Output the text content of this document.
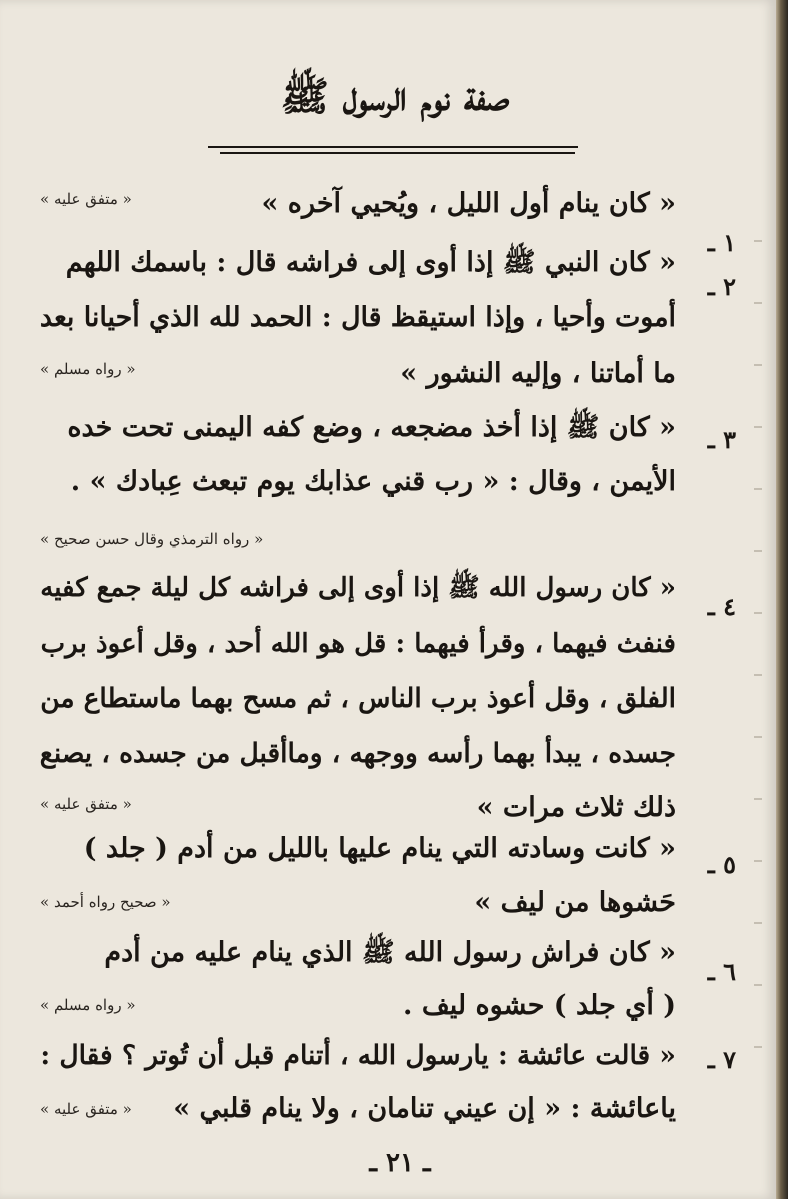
صفة نوم الرسول ﷺ
١ ـ
« كان ينام أول الليل ، ويُحيي آخره »
« متفق عليه »
٢ ـ
« كان النبي ﷺ إذا أوى إلى فراشه قال : باسمك اللهم
أموت وأحيا ، وإذا استيقظ قال : الحمد لله الذي أحيانا بعد
ما أماتنا ، وإليه النشور »
« رواه مسلم »
٣ ـ
« كان ﷺ إذا أخذ مضجعه ، وضع كفه اليمنى تحت خده
الأيمن ، وقال : « رب قني عذابك يوم تبعث عِبادك » .
« رواه الترمذي وقال حسن صحيح »
٤ ـ
« كان رسول الله ﷺ إذا أوى إلى فراشه كل ليلة جمع كفيه
فنفث فيهما ، وقرأ فيهما : قل هو الله أحد ، وقل أعوذ برب
الفلق ، وقل أعوذ برب الناس ، ثم مسح بهما ماستطاع من
جسده ، يبدأ بهما رأسه ووجهه ، وماأقبل من جسده ، يصنع
ذلك ثلاث مرات »
« متفق عليه »
٥ ـ
« كانت وسادته التي ينام عليها بالليل من أدم ( جلد )
حَشوها من ليف »
« صحيح رواه أحمد »
٦ ـ
« كان فراش رسول الله ﷺ الذي ينام عليه من أدم
( أي جلد ) حشوه ليف .
« رواه مسلم »
٧ ـ
« قالت عائشة : يارسول الله ، أتنام قبل أن تُوتر ؟ فقال :
ياعائشة : « إن عيني تنامان ، ولا ينام قلبي »
« متفق عليه »
ـ ٢١ ـ
